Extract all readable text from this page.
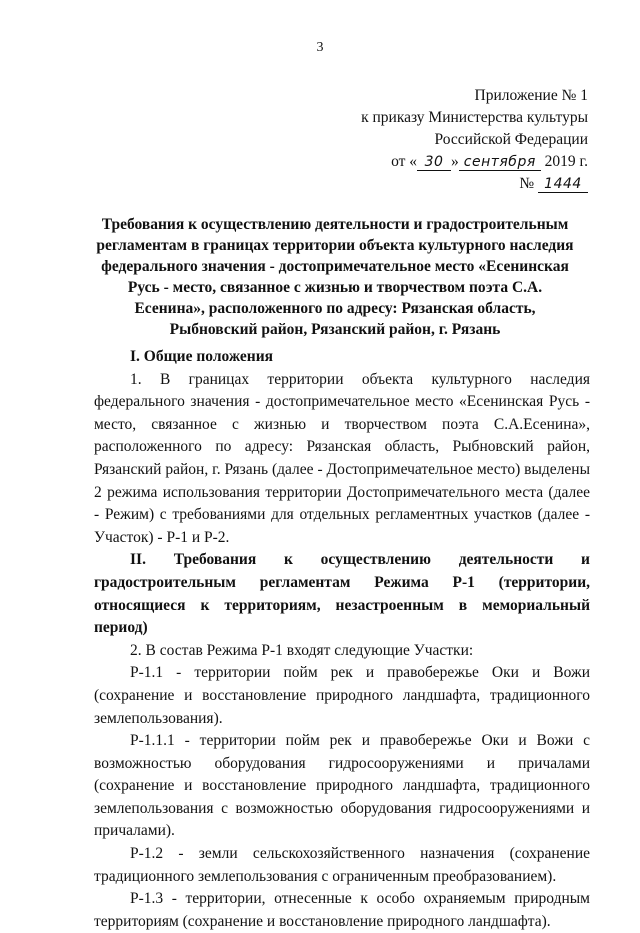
3
Приложение № 1
к приказу Министерства культуры
Российской Федерации
от « 30 » сентября 2019 г.
№ 1444
Требования к осуществлению деятельности и градостроительным регламентам в границах территории объекта культурного наследия федерального значения - достопримечательное место «Есенинская Русь - место, связанное с жизнью и творчеством поэта С.А. Есенина», расположенного по адресу: Рязанская область, Рыбновский район, Рязанский район, г. Рязань

I. Общие положения

1. В границах территории объекта культурного наследия федерального значения - достопримечательное место «Есенинская Русь - место, связанное с жизнью и творчеством поэта С.А.Есенина», расположенного по адресу: Рязанская область, Рыбновский район, Рязанский район, г. Рязань (далее - Достопримечательное место) выделены 2 режима использования территории Достопримечательного места (далее - Режим) с требованиями для отдельных регламентных участков (далее - Участок) - Р-1 и Р-2.

II. Требования к осуществлению деятельности и градостроительным регламентам Режима Р-1 (территории, относящиеся к территориям, незастроенным в мемориальный период)

2. В состав Режима Р-1 входят следующие Участки:

Р-1.1 - территории пойм рек и правобережье Оки и Вожи (сохранение и восстановление природного ландшафта, традиционного землепользования).

Р-1.1.1 - территории пойм рек и правобережье Оки и Вожи с возможностью оборудования гидросооружениями и причалами (сохранение и восстановление природного ландшафта, традиционного землепользования с возможностью оборудования гидросооружениями и причалами).

Р-1.2 - земли сельскохозяйственного назначения (сохранение традиционного землепользования с ограниченным преобразованием).

Р-1.3 - территории, отнесенные к особо охраняемым природным территориям (сохранение и восстановление природного ландшафта).
